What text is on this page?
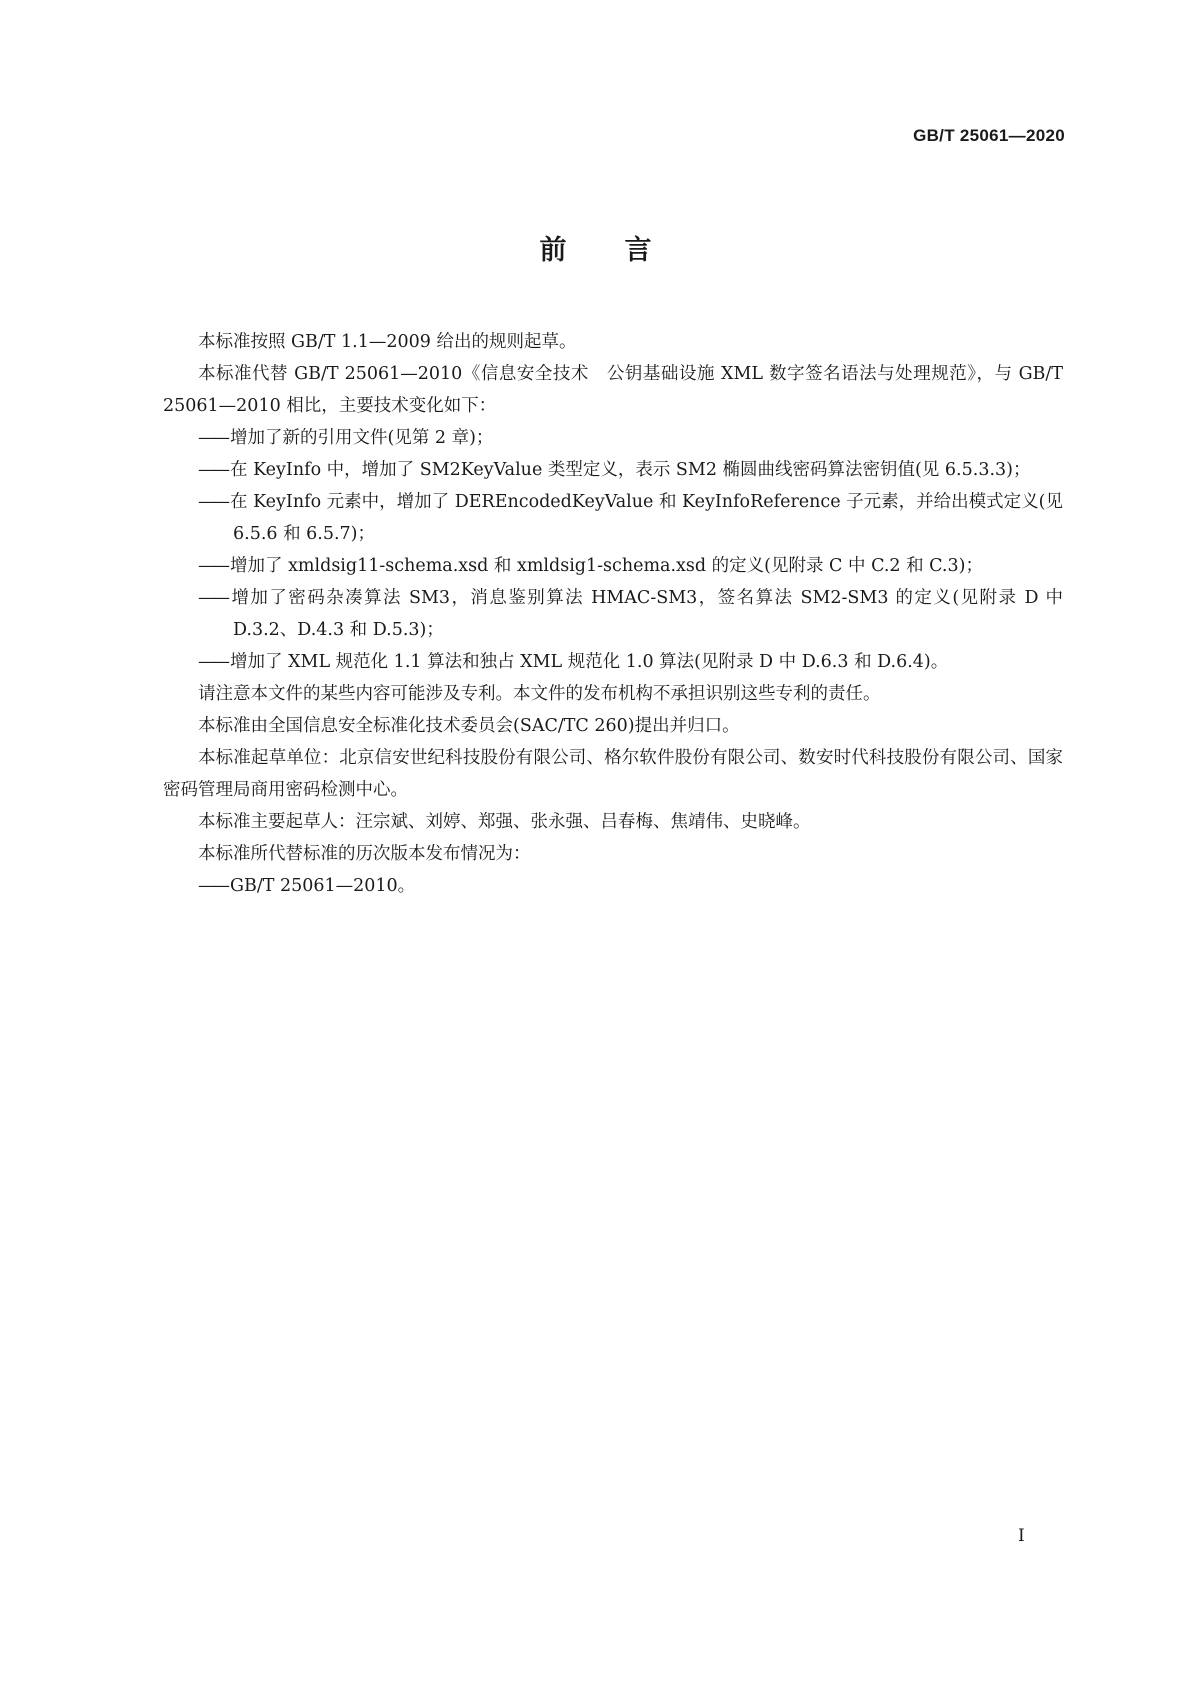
GB/T 25061—2020
前言

本标准按照 GB/T 1.1—2009 给出的规则起草。

本标准代替 GB/T 25061—2010《信息安全技术　公钥基础设施 XML 数字签名语法与处理规范》，与 GB/T 25061—2010 相比，主要技术变化如下：

—— 增加了新的引用文件(见第 2 章)；

—— 在 KeyInfo 中，增加了 SM2KeyValue 类型定义，表示 SM2 椭圆曲线密码算法密钥值(见 6.5.3.3)；

—— 在 KeyInfo 元素中，增加了 DEREncodedKeyValue 和 KeyInfoReference 子元素，并给出模式定义(见 6.5.6 和 6.5.7)；

—— 增加了 xmldsig11-schema.xsd 和 xmldsig1-schema.xsd 的定义(见附录 C 中 C.2 和 C.3)；

—— 增加了密码杂凑算法 SM3，消息鉴别算法 HMAC-SM3，签名算法 SM2-SM3 的定义(见附录 D 中 D.3.2、D.4.3 和 D.5.3)；

—— 增加了 XML 规范化 1.1 算法和独占 XML 规范化 1.0 算法(见附录 D 中 D.6.3 和 D.6.4)。

请注意本文件的某些内容可能涉及专利。本文件的发布机构不承担识别这些专利的责任。

本标准由全国信息安全标准化技术委员会(SAC/TC 260)提出并归口。

本标准起草单位：北京信安世纪科技股份有限公司、格尔软件股份有限公司、数安时代科技股份有限公司、国家密码管理局商用密码检测中心。

本标准主要起草人：汪宗斌、刘婷、郑强、张永强、吕春梅、焦靖伟、史晓峰。

本标准所代替标准的历次版本发布情况为：

—— GB/T 25061—2010。

I
